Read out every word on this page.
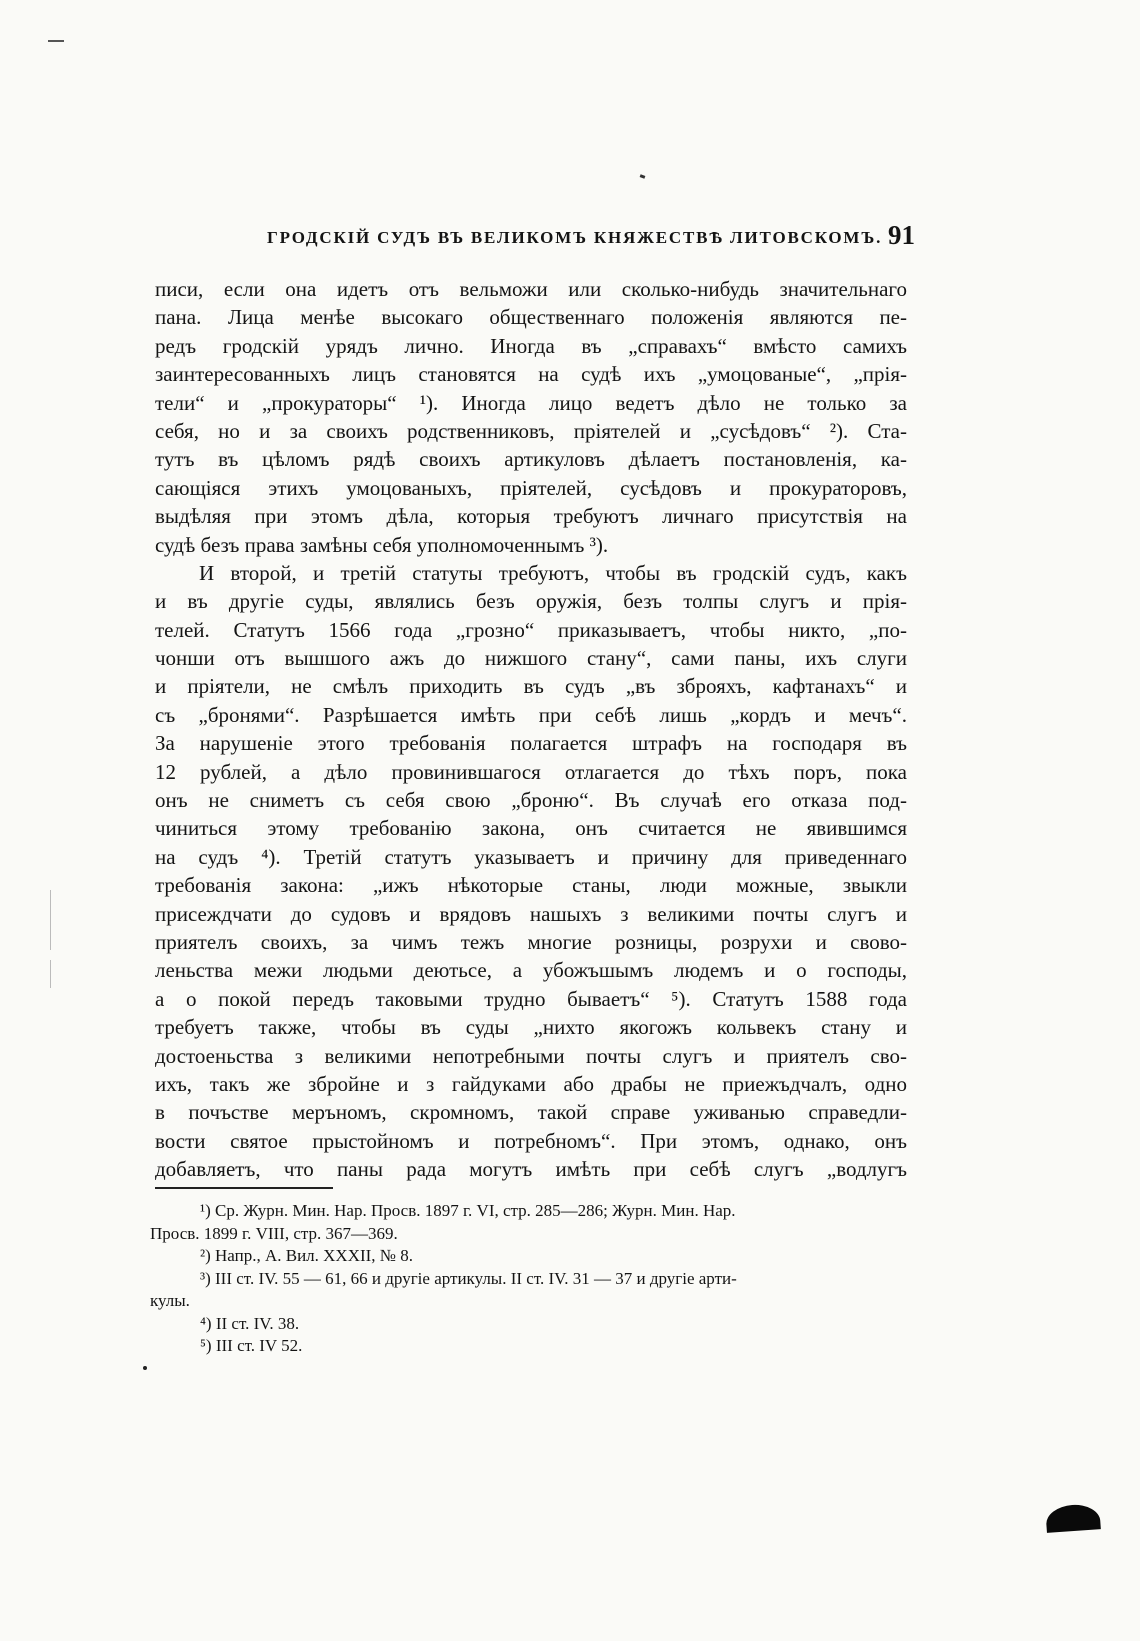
ГРОДСКІЙ СУДЪ ВЪ ВЕЛИКОМЪ КНЯЖЕСТВѢ ЛИТОВСКОМЪ. 91
писи, если она идетъ отъ вельможи или сколько-нибудь значительнаго
пана. Лица менѣе высокаго общественнаго положенія являются пе-
редъ гродскій урядъ лично. Иногда въ „справахъ“ вмѣсто самихъ
заинтересованныхъ лицъ становятся на судѣ ихъ „умоцованые“, „прія-
тели“ и „прокураторы“ ¹). Иногда лицо ведетъ дѣло не только за
себя, но и за своихъ родственниковъ, пріятелей и „сусѣдовъ“ ²). Ста-
тутъ въ цѣломъ рядѣ своихъ артикуловъ дѣлаетъ постановленія, ка-
сающіяся этихъ умоцованыхъ, пріятелей, сусѣдовъ и прокураторовъ,
выдѣляя при этомъ дѣла, которыя требуютъ личнаго присутствія на
судѣ безъ права замѣны себя уполномоченнымъ ³).
И второй, и третій статуты требуютъ, чтобы въ гродскій судъ, какъ
и въ другіе суды, являлись безъ оружія, безъ толпы слугъ и прія-
телей. Статутъ 1566 года „грозно“ приказываетъ, чтобы никто, „по-
чонши отъ вышшого ажъ до нижшого стану“, сами паны, ихъ слуги
и пріятели, не смѣлъ приходить въ судъ „въ зброяхъ, кафтанахъ“ и
съ „бронями“. Разрѣшается имѣть при себѣ лишь „кордъ и мечъ“.
За нарушеніе этого требованія полагается штрафъ на господаря въ
12 рублей, а дѣло провинившагося отлагается до тѣхъ поръ, пока
онъ не сниметъ съ себя свою „броню“. Въ случаѣ его отказа под-
чиниться этому требованію закона, онъ считается не явившимся
на судъ ⁴). Третій статутъ указываетъ и причину для приведеннаго
требованія закона: „ижъ нѣкоторые станы, люди можные, звыкли
присеждчати до судовъ и врядовъ нашыхъ з великими почты слугъ и
приятелъ своихъ, за чимъ тежъ многие розницы, розрухи и свово-
леньства межи людьми деютьсе, а убожъшымъ людемъ и о господы,
а о покой передъ таковыми трудно бываетъ“ ⁵). Статутъ 1588 года
требуетъ также, чтобы въ суды „нихто якогожъ кольвекъ стану и
достоеньства з великими непотребными почты слугъ и приятелъ сво-
ихъ, такъ же збройне и з гайдуками або драбы не приежъдчалъ, одно
в почъстве меръномъ, скромномъ, такой справе уживанью справедли-
вости святое прыстойномъ и потребномъ“. При этомъ, однако, онъ
добавляетъ, что паны рада могутъ имѣть при себѣ слугъ „водлугъ
¹) Ср. Журн. Мин. Нар. Просв. 1897 г. VI, стр. 285—286; Журн. Мин. Нар.
Просв. 1899 г. VIII, стр. 367—369.
²) Напр., А. Вил. XXXII, № 8.
³) III ст. IV. 55 — 61, 66 и другіе артикулы. II ст. IV. 31 — 37 и другіе арти-
кулы.
⁴) II ст. IV. 38.
⁵) III ст. IV 52.
